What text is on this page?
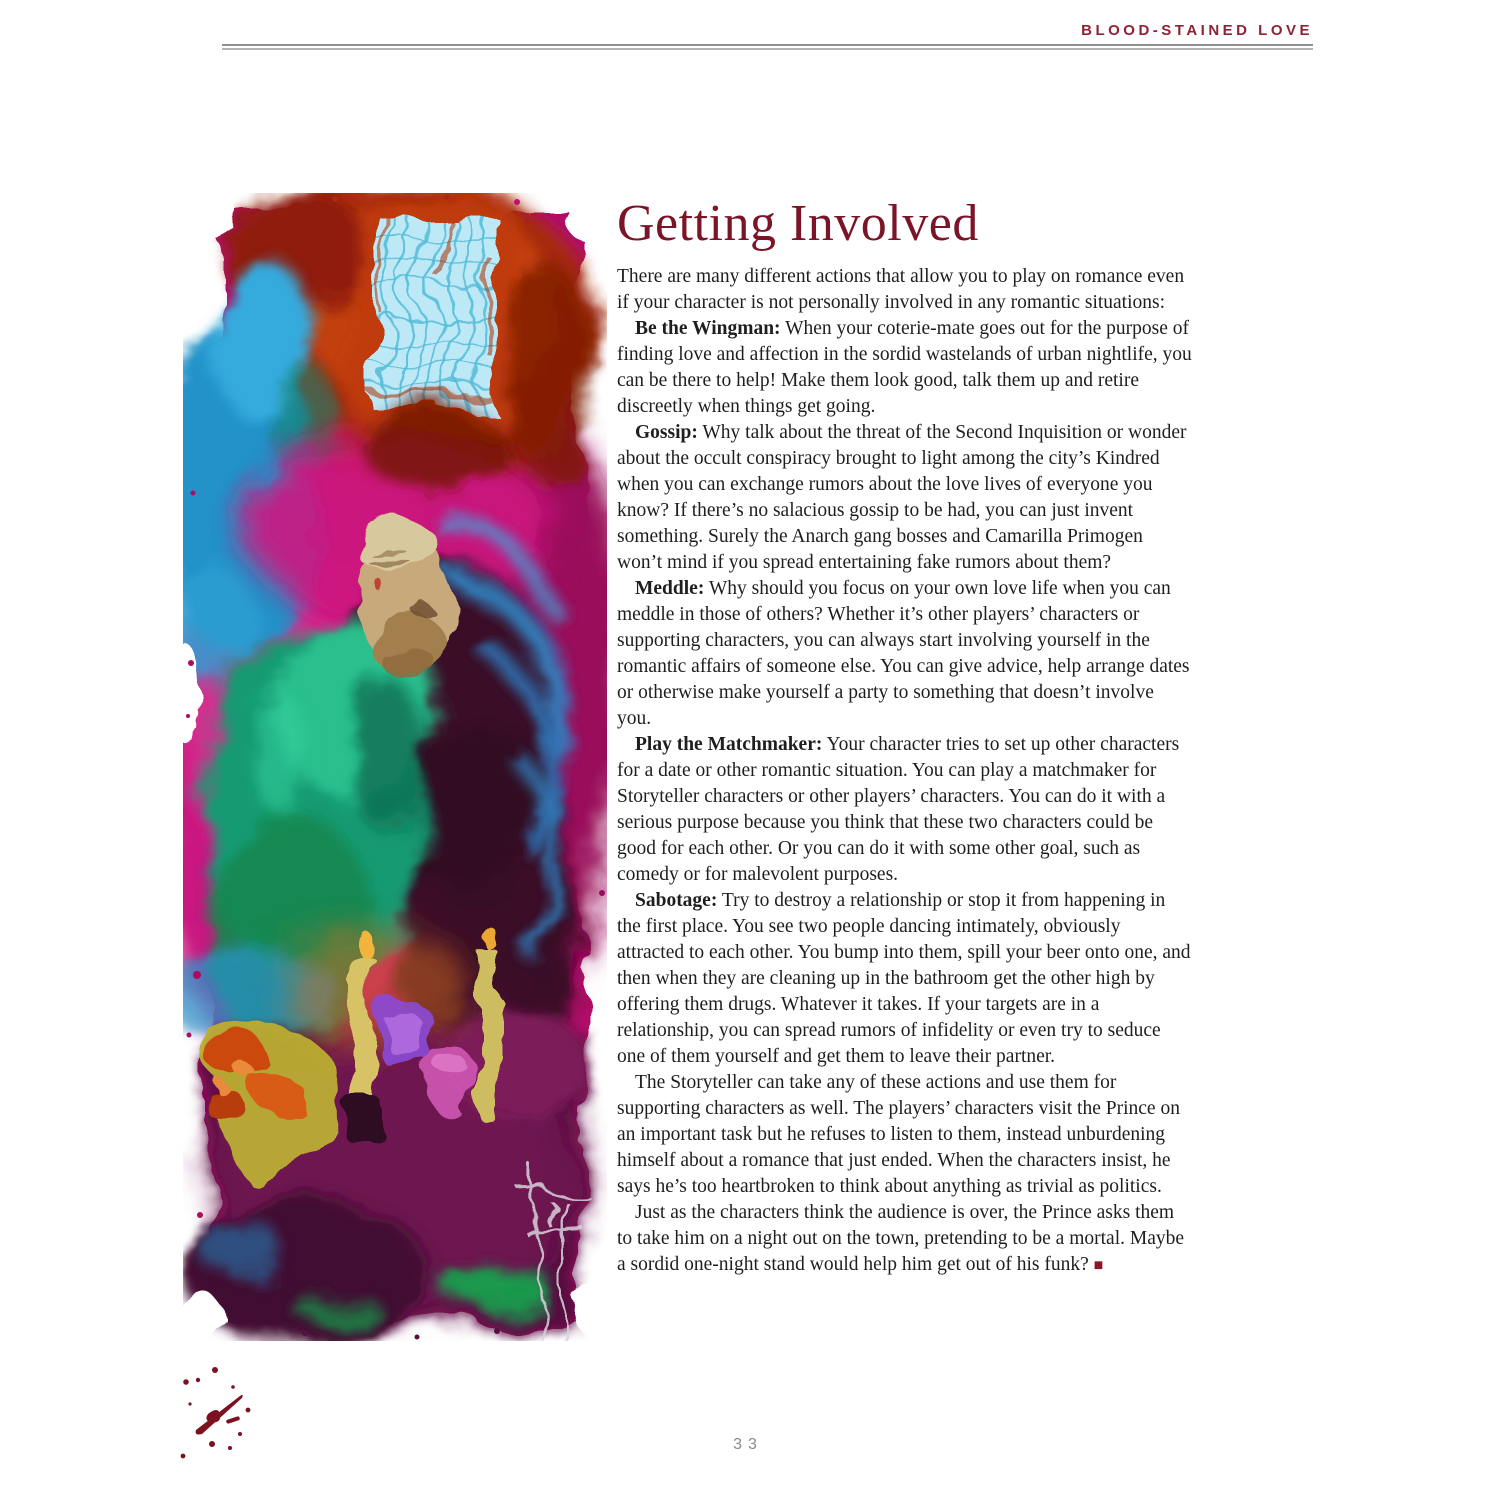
BLOOD-STAINED LOVE
Getting Involved

There are many different actions that allow you to play on romance even if your character is not personally involved in any romantic situations:

Be the Wingman: When your coterie-mate goes out for the purpose of finding love and affection in the sordid wastelands of urban nightlife, you can be there to help! Make them look good, talk them up and retire discreetly when things get going.

Gossip: Why talk about the threat of the Second Inquisition or wonder about the occult conspiracy brought to light among the city’s Kindred when you can exchange rumors about the love lives of everyone you know? If there’s no salacious gossip to be had, you can just invent something. Surely the Anarch gang bosses and Camarilla Primogen won’t mind if you spread entertaining fake rumors about them?

Meddle: Why should you focus on your own love life when you can meddle in those of others? Whether it’s other players’ characters or supporting characters, you can always start involving yourself in the romantic affairs of someone else. You can give advice, help arrange dates or otherwise make yourself a party to something that doesn’t involve you.

Play the Matchmaker: Your character tries to set up other characters for a date or other romantic situation. You can play a matchmaker for Storyteller characters or other players’ characters. You can do it with a serious purpose because you think that these two characters could be good for each other. Or you can do it with some other goal, such as comedy or for malevolent purposes.

Sabotage: Try to destroy a relationship or stop it from happening in the first place. You see two people dancing intimately, obviously attracted to each other. You bump into them, spill your beer onto one, and then when they are cleaning up in the bathroom get the other high by offering them drugs. Whatever it takes. If your targets are in a relationship, you can spread rumors of infidelity or even try to seduce one of them yourself and get them to leave their partner.

The Storyteller can take any of these actions and use them for supporting characters as well. The players’ characters visit the Prince on an important task but he refuses to listen to them, instead unburdening himself about a romance that just ended. When the characters insist, he says he’s too heartbroken to think about anything as trivial as politics.

Just as the characters think the audience is over, the Prince asks them to take him on a night out on the town, pretending to be a mortal. Maybe a sordid one-night stand would help him get out of his funk? ■

33
